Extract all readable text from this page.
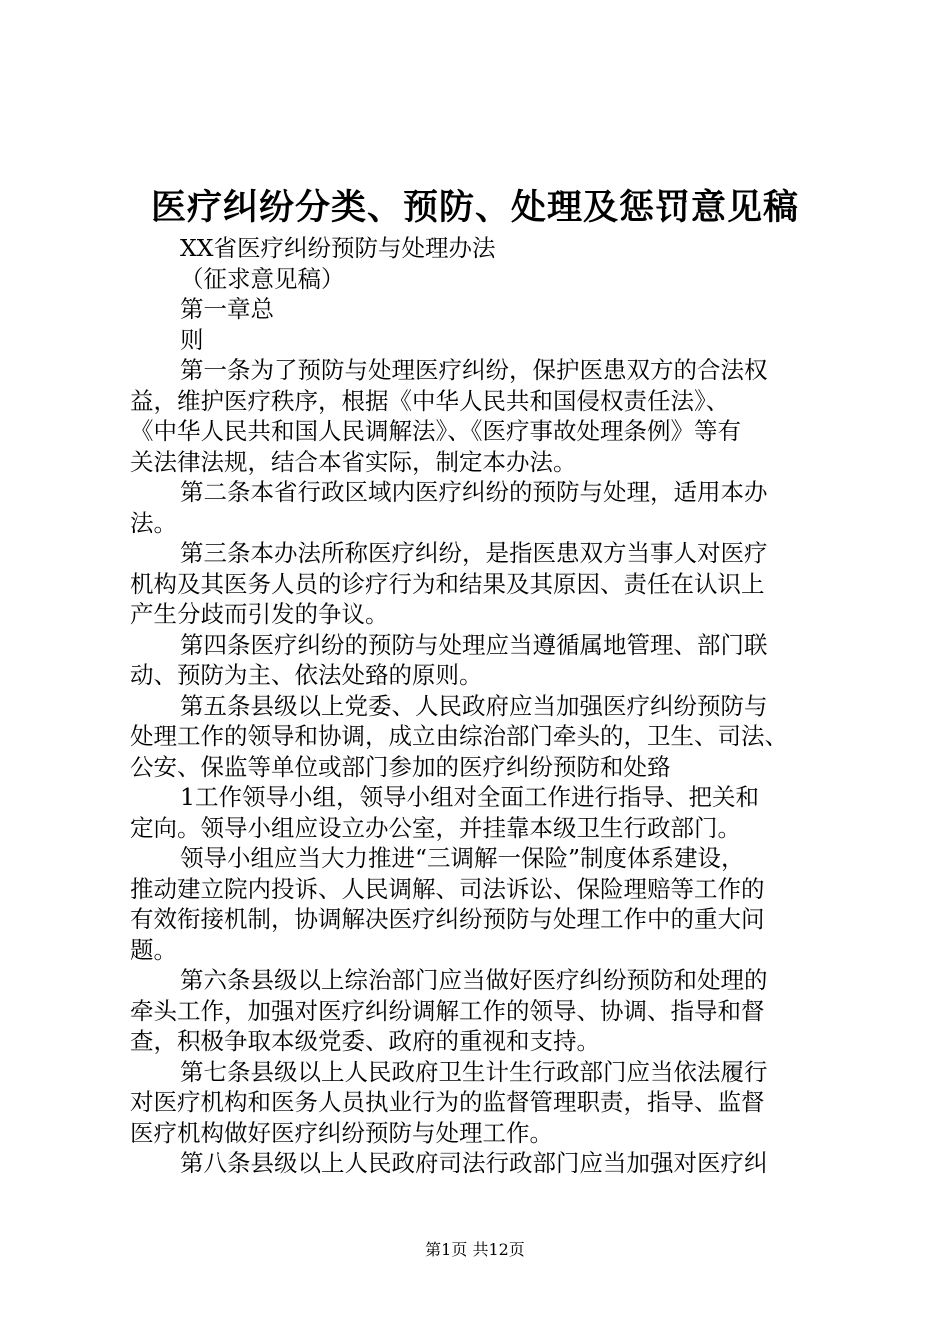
医疗纠纷分类、预防、处理及惩罚意见稿
XX省医疗纠纷预防与处理办法
（征求意见稿）
第一章总
则
第一条为了预防与处理医疗纠纷，保护医患双方的合法权
益，维护医疗秩序，根据《中华人民共和国侵权责任法》、
《中华人民共和国人民调解法》、《医疗事故处理条例》等有
关法律法规，结合本省实际，制定本办法。
第二条本省行政区域内医疗纠纷的预防与处理，适用本办
法。
第三条本办法所称医疗纠纷，是指医患双方当事人对医疗
机构及其医务人员的诊疗行为和结果及其原因、责任在认识上
产生分歧而引发的争议。
第四条医疗纠纷的预防与处理应当遵循属地管理、部门联
动、预防为主、依法处臵的原则。
第五条县级以上党委、人民政府应当加强医疗纠纷预防与
处理工作的领导和协调，成立由综治部门牵头的，卫生、司法、
公安、保监等单位或部门参加的医疗纠纷预防和处臵
1工作领导小组，领导小组对全面工作进行指导、把关和
定向。领导小组应设立办公室，并挂靠本级卫生行政部门。
领导小组应当大力推进“三调解一保险”制度体系建设，
推动建立院内投诉、人民调解、司法诉讼、保险理赔等工作的
有效衔接机制，协调解决医疗纠纷预防与处理工作中的重大问
题。
第六条县级以上综治部门应当做好医疗纠纷预防和处理的
牵头工作，加强对医疗纠纷调解工作的领导、协调、指导和督
查，积极争取本级党委、政府的重视和支持。
第七条县级以上人民政府卫生计生行政部门应当依法履行
对医疗机构和医务人员执业行为的监督管理职责，指导、监督
医疗机构做好医疗纠纷预防与处理工作。
第八条县级以上人民政府司法行政部门应当加强对医疗纠
第1页 共12页
